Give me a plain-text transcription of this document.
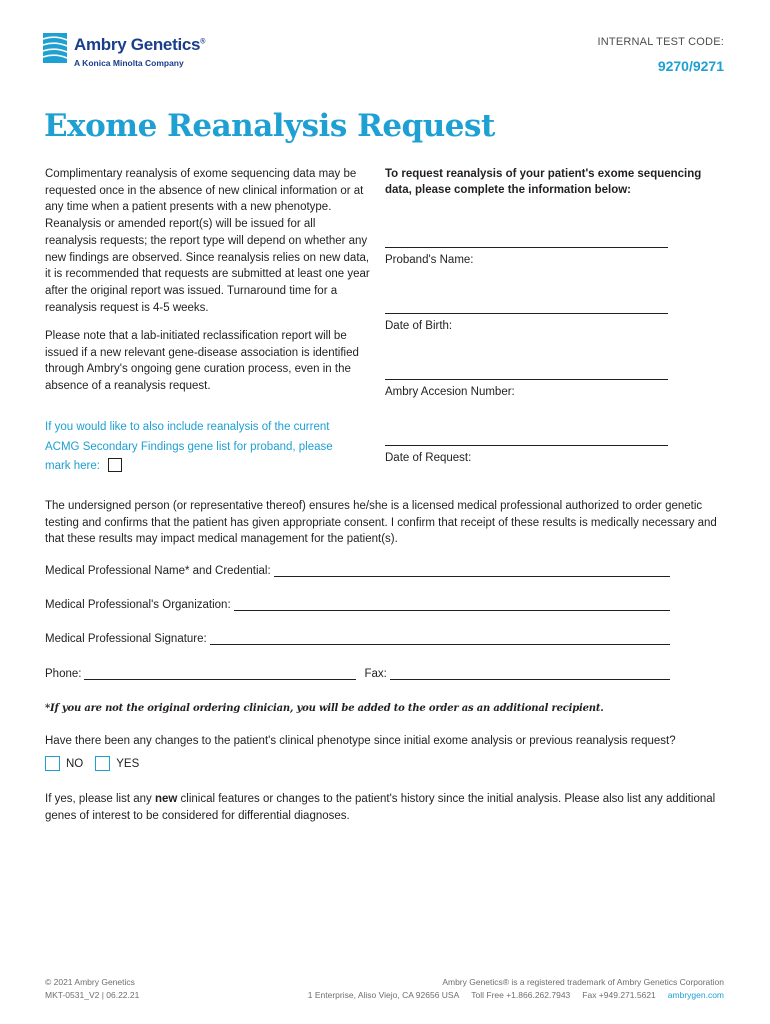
Ambry Genetics®
A Konica Minolta Company
INTERNAL TEST CODE:
9270/9271
Exome Reanalysis Request
Complimentary reanalysis of exome sequencing data may be requested once in the absence of new clinical information or at any time when a patient presents with a new phenotype. Reanalysis or amended report(s) will be issued for all reanalysis requests; the report type will depend on whether any new findings are observed. Since reanalysis relies on new data, it is recommended that requests are submitted at least one year after the original report was issued. Turnaround time for a reanalysis request is 4-5 weeks.
Please note that a lab-initiated reclassification report will be issued if a new relevant gene-disease association is identified through Ambry's ongoing gene curation process, even in the absence of a reanalysis request.
If you would like to also include reanalysis of the current ACMG Secondary Findings gene list for proband, please mark here:
To request reanalysis of your patient's exome sequencing data, please complete the information below:
Proband's Name:
Date of Birth:
Ambry Accesion Number:
Date of Request:
The undersigned person (or representative thereof) ensures he/she is a licensed medical professional authorized to order genetic testing and confirms that the patient has given appropriate consent. I confirm that receipt of these results is medically necessary and that these results may impact medical management for the patient(s).
Medical Professional Name* and Credential:
Medical Professional's Organization:
Medical Professional Signature:
Phone:	Fax:
*If you are not the original ordering clinician, you will be added to the order as an additional recipient.
Have there been any changes to the patient's clinical phenotype since initial exome analysis or previous reanalysis request?
NO	YES
If yes, please list any new clinical features or changes to the patient's history since the initial analysis. Please also list any additional genes of interest to be considered for differential diagnoses.
© 2021 Ambry Genetics
MKT-0531_V2 | 06.22.21
Ambry Genetics® is a registered trademark of Ambry Genetics Corporation
1 Enterprise, Aliso Viejo, CA 92656 USA Toll Free +1.866.262.7943 Fax +949.271.5621 ambrygen.com
